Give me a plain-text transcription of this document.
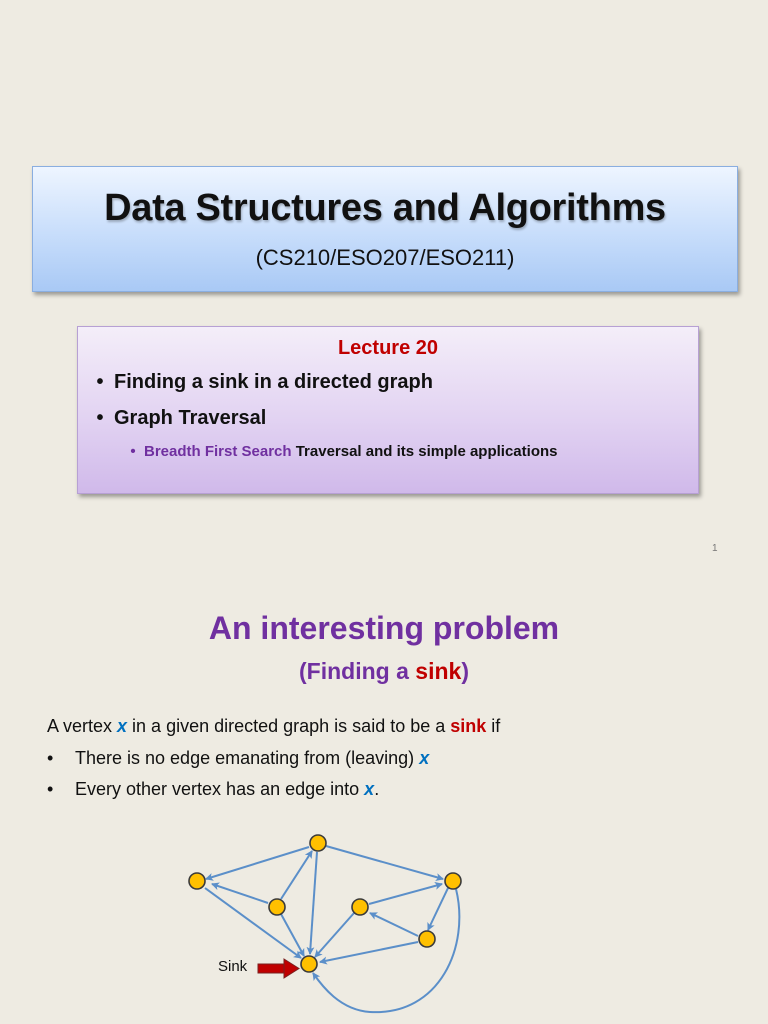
Data Structures and Algorithms
(CS210/ESO207/ESO211)
Lecture 20
• Finding a sink in a directed graph
• Graph Traversal
• Breadth First Search Traversal and its simple applications
1
An interesting problem
(Finding a sink)
A vertex x in a given directed graph is said to be a sink if
• There is no edge emanating from (leaving) x
• Every other vertex has an edge into x.
Sink
